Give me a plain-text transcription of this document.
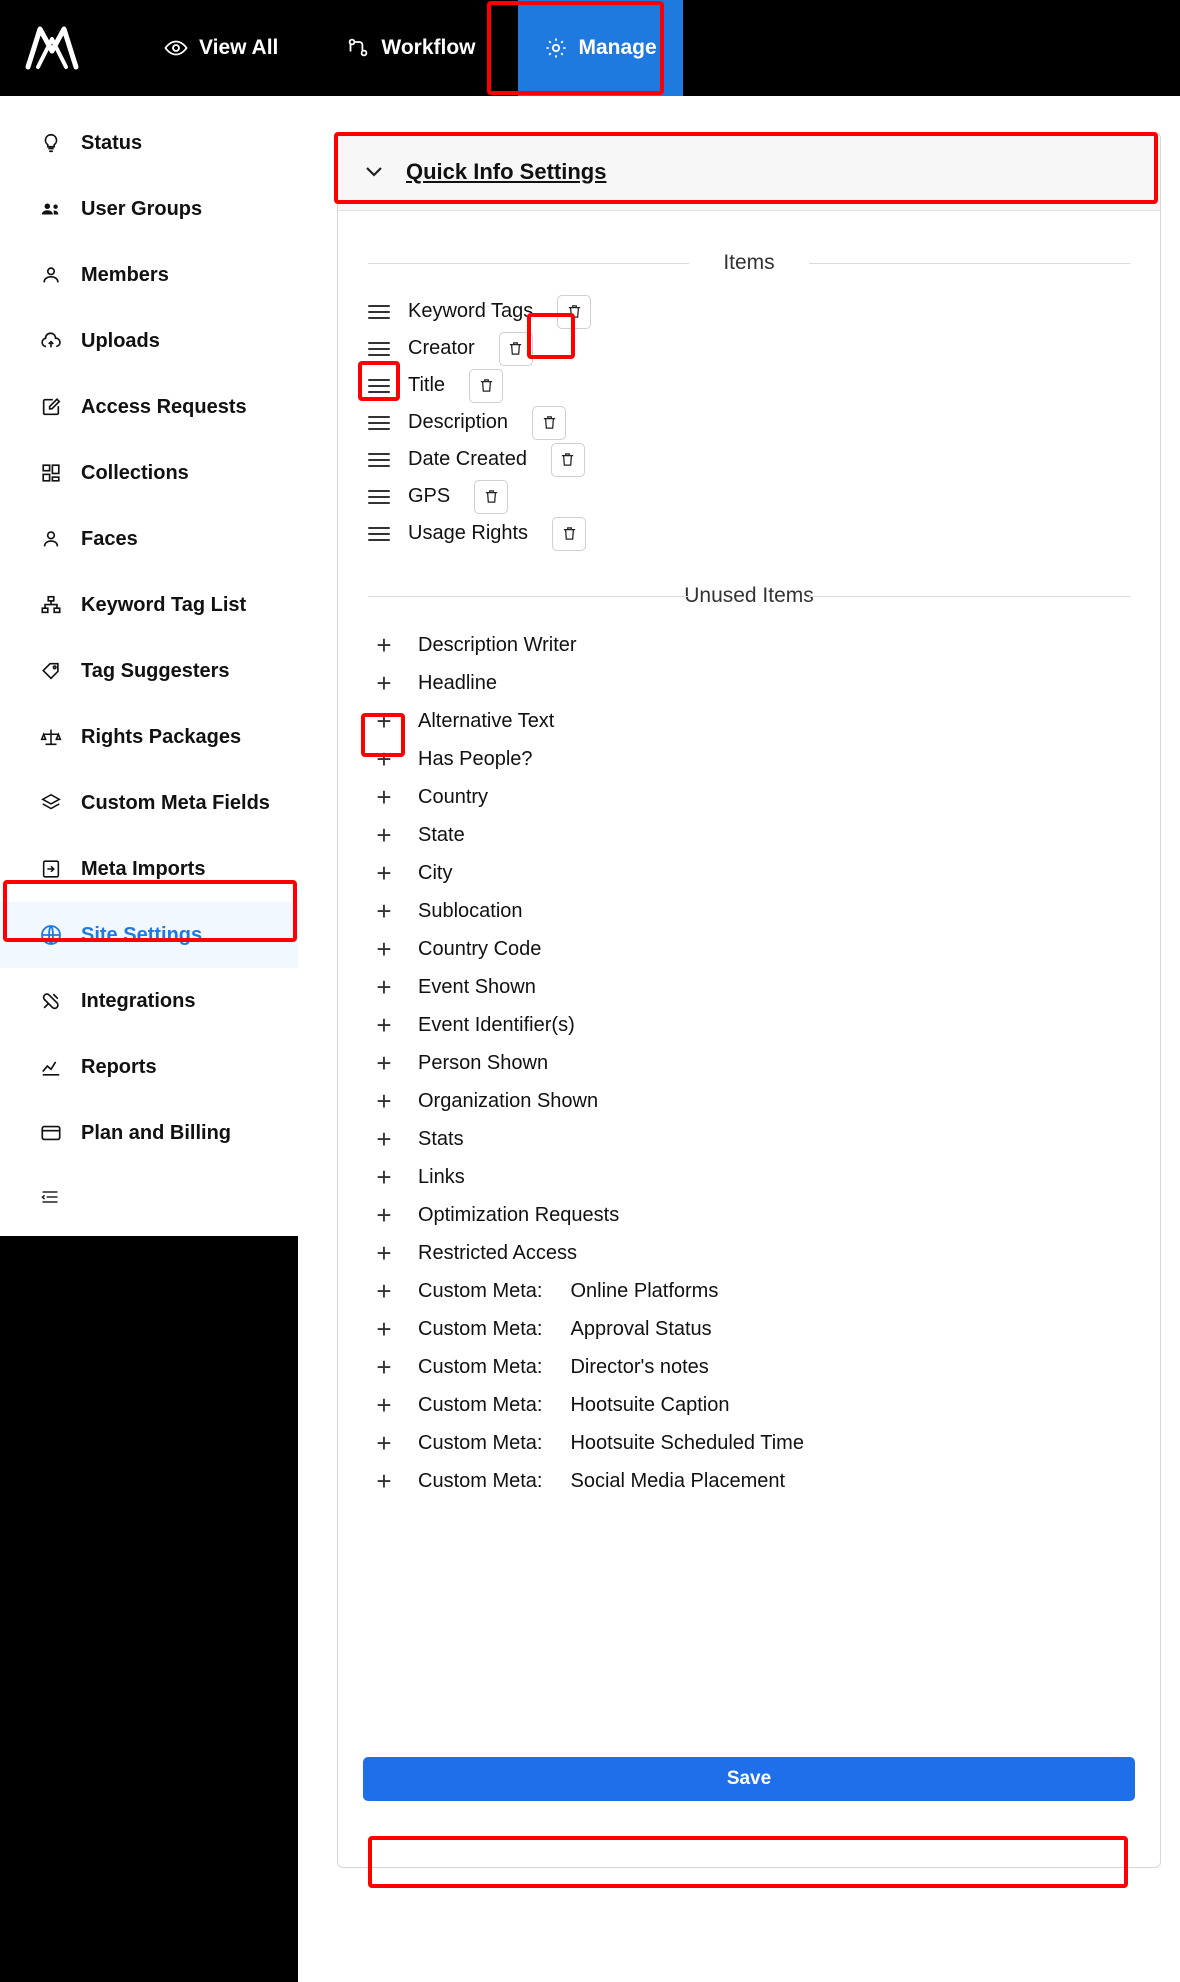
View All	Workflow	Manage
Status
User Groups
Members
Uploads
Access Requests
Collections
Faces
Keyword Tag List
Tag Suggesters
Rights Packages
Custom Meta Fields
Meta Imports
Site Settings
Integrations
Reports
Plan and Billing
Quick Info Settings
Items
Keyword Tags
Creator
Title
Description
Date Created
GPS
Usage Rights
Unused Items
+	Description Writer
+	Headline
+	Alternative Text
+	Has People?
+	Country
+	State
+	City
+	Sublocation
+	Country Code
+	Event Shown
+	Event Identifier(s)
+	Person Shown
+	Organization Shown
+	Stats
+	Links
+	Optimization Requests
+	Restricted Access
+	Custom Meta: Online Platforms
+	Custom Meta: Approval Status
+	Custom Meta: Director's notes
+	Custom Meta: Hootsuite Caption
+	Custom Meta: Hootsuite Scheduled Time
+	Custom Meta: Social Media Placement
Save
